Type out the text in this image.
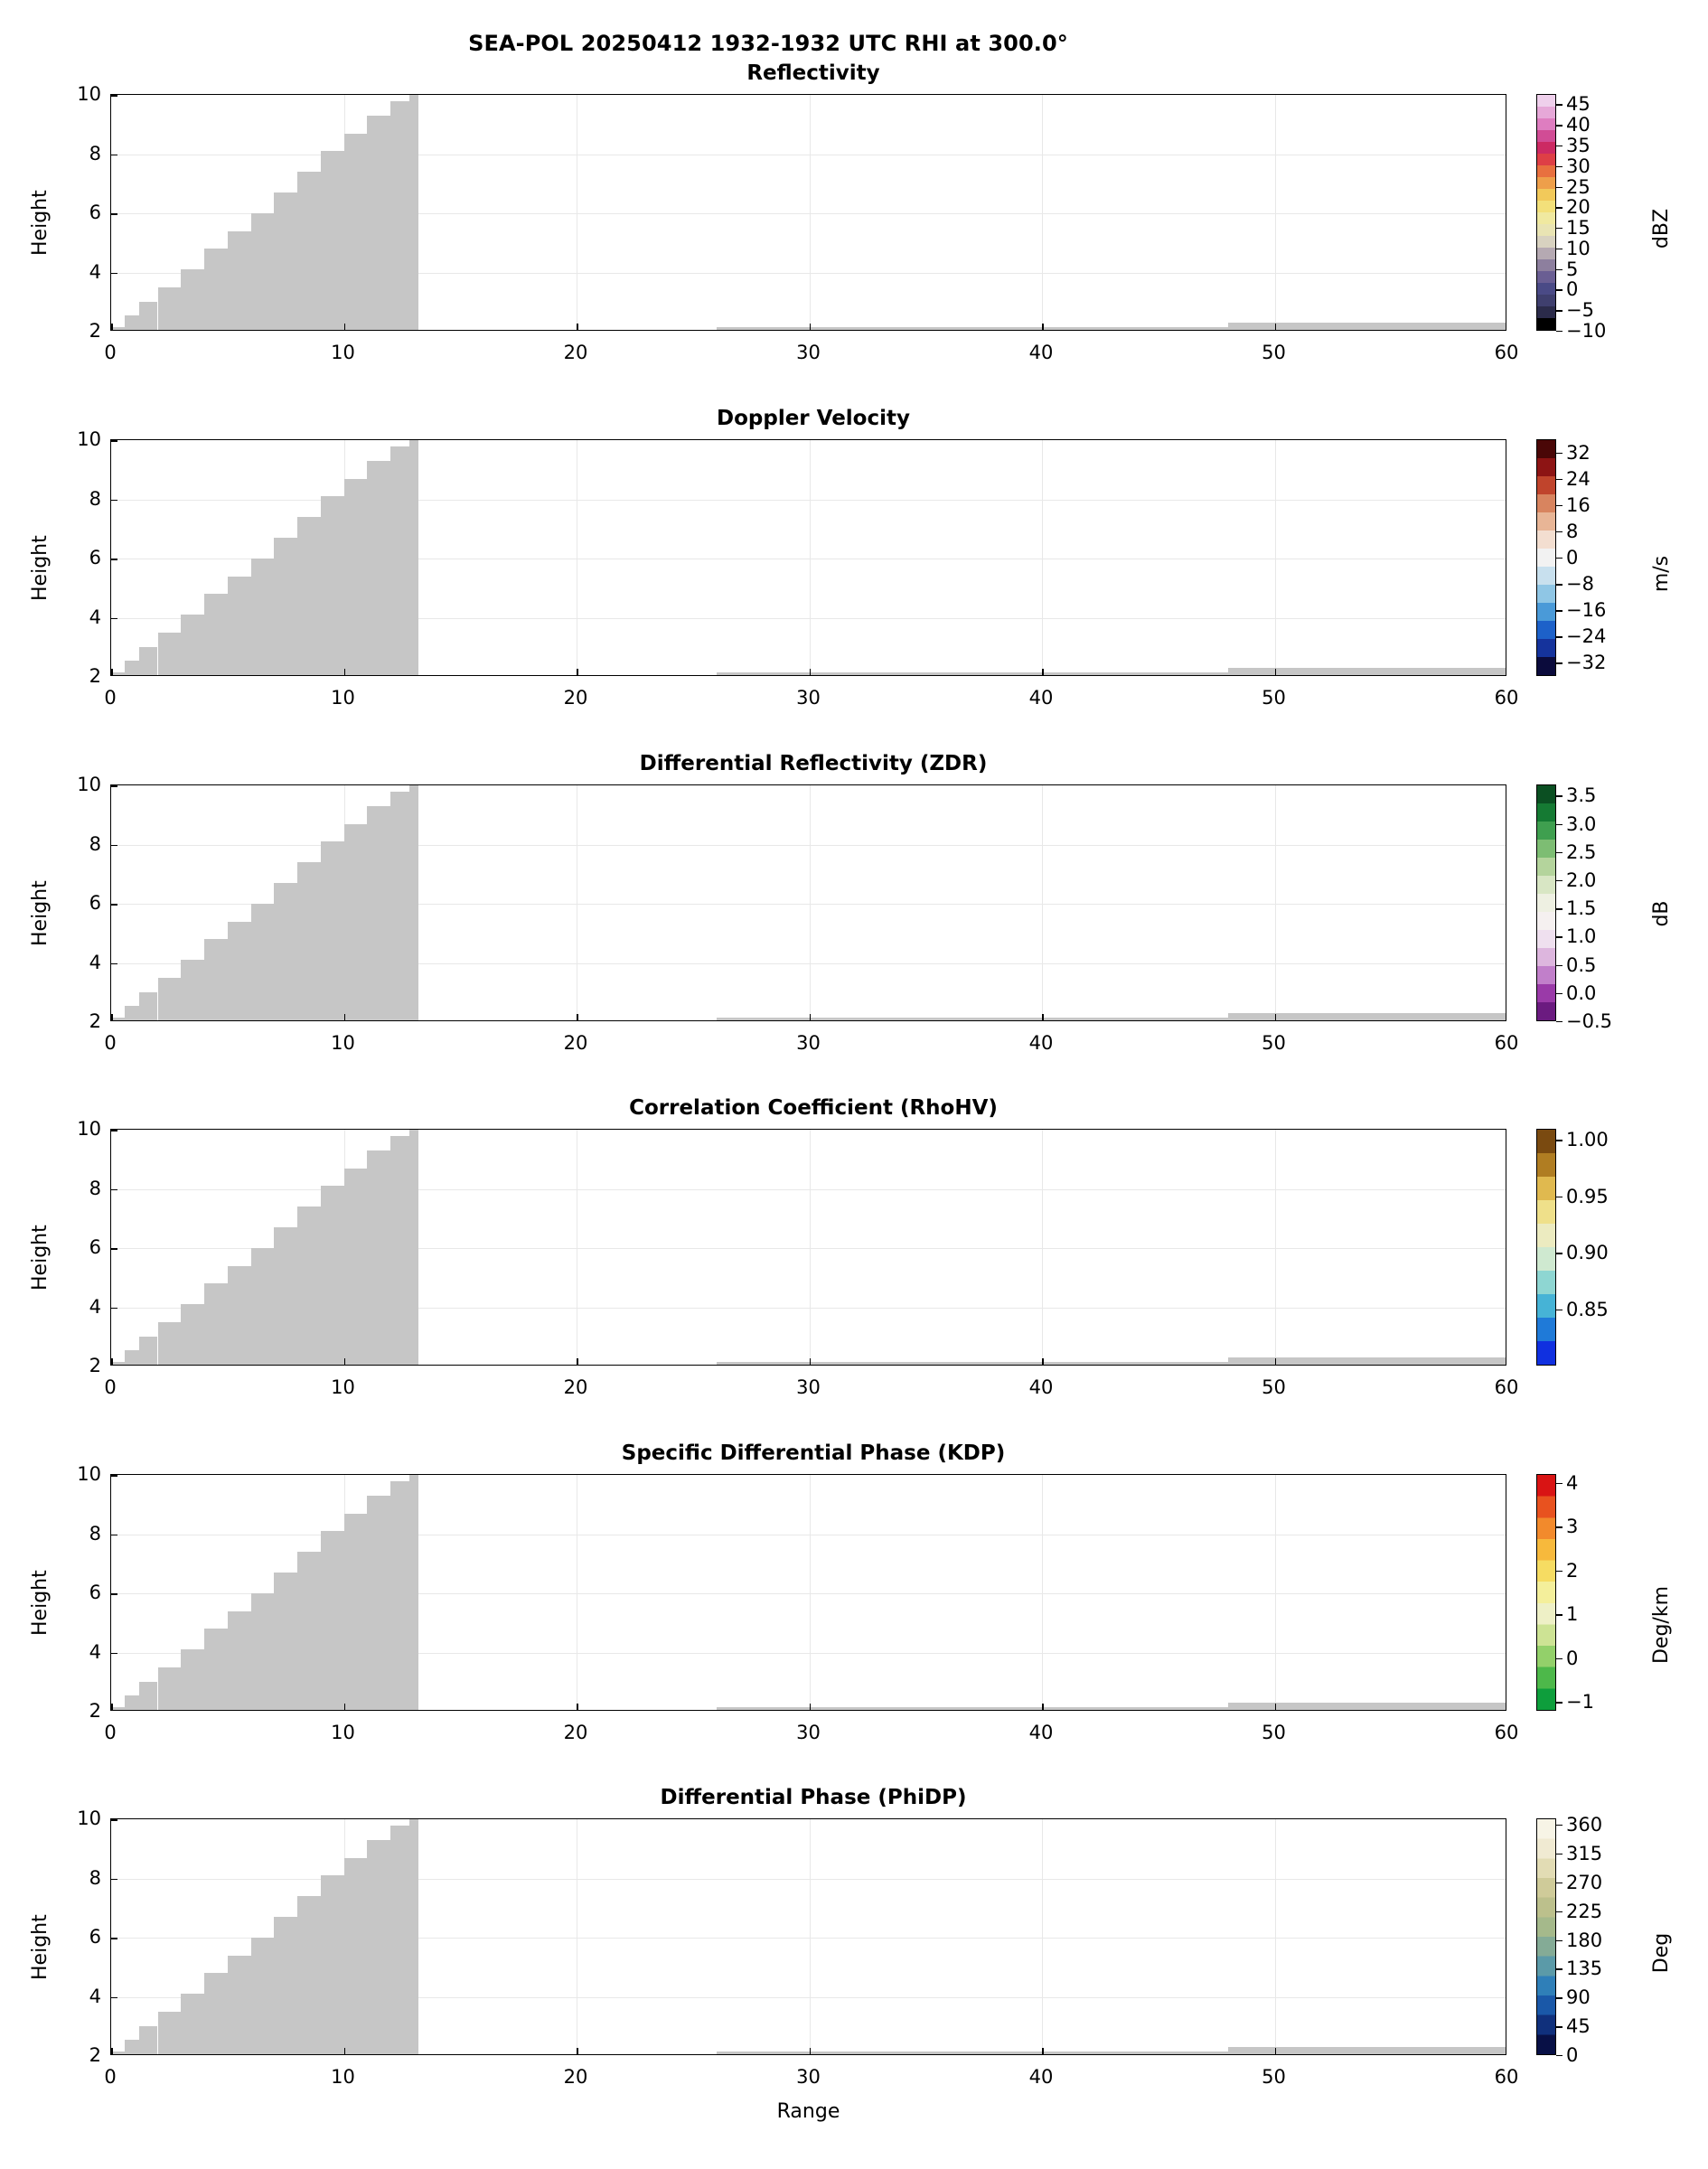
SEA-POL 20250412 1932-1932 UTC RHI at 300.0°
Reflectivity
0	10	20	30	40	50	60
2
4
6
8
10
Height
−10
−5
0
5
10
15
20
25
30
35
40
45
dBZ
Doppler Velocity
0	10	20	30	40	50	60
2
4
6
8
10
Height
−32
−24
−16
−8
0
8
16
24
32
m/s
Differential Reflectivity (ZDR)
0	10	20	30	40	50	60
2
4
6
8
10
Height
−0.5
0.0
0.5
1.0
1.5
2.0
2.5
3.0
3.5
dB
Correlation Coefficient (RhoHV)
0	10	20	30	40	50	60
2
4
6
8
10
Height
0.85
0.90
0.95
1.00
Specific Differential Phase (KDP)
0	10	20	30	40	50	60
2
4
6
8
10
Height
−1
0
1
2
3
4
Deg/km
Differential Phase (PhiDP)
0	10	20	30	40	50	60
2
4
6
8
10
Height
0
45
90
135
180
225
270
315
360
Deg
Range
